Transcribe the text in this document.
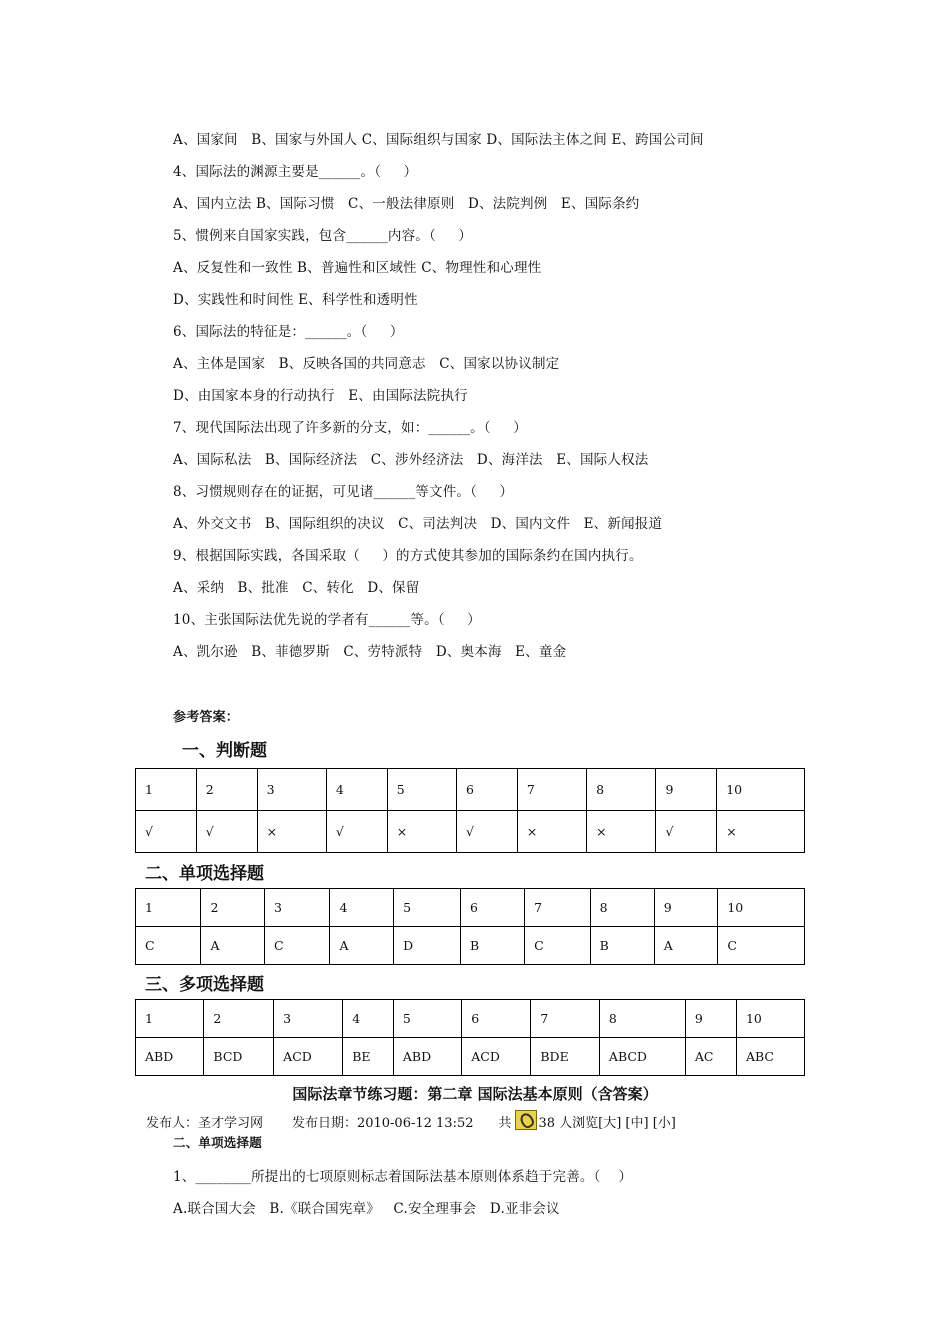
A、国家间   B、国家与外国人 C、国际组织与国家 D、国际法主体之间 E、跨国公司间
4、国际法的渊源主要是______。（     ）
A、国内立法 B、国际习惯   C、一般法律原则   D、法院判例   E、国际条约
5、惯例来自国家实践，包含______内容。（     ）
A、反复性和一致性 B、普遍性和区域性 C、物理性和心理性
D、实践性和时间性 E、科学性和透明性
6、国际法的特征是：______。（     ）
A、主体是国家   B、反映各国的共同意志   C、国家以协议制定
D、由国家本身的行动执行   E、由国际法院执行
7、现代国际法出现了许多新的分支，如：______。（     ）
A、国际私法   B、国际经济法   C、涉外经济法   D、海洋法   E、国际人权法
8、习惯规则存在的证据，可见诸______等文件。（     ）
A、外交文书   B、国际组织的决议   C、司法判决   D、国内文件   E、新闻报道
9、根据国际实践，各国采取（     ）的方式使其参加的国际条约在国内执行。
A、采纳   B、批准   C、转化   D、保留
10、主张国际法优先说的学者有______等。（     ）
A、凯尔逊   B、菲德罗斯   C、劳特派特   D、奥本海   E、童金
参考答案：
一、判断题
1	2	3	4	5	6	7	8	9	10
√	√	×	√	×	√	×	×	√	×
二、单项选择题
1	2	3	4	5	6	7	8	9	10
C	A	C	A	D	B	C	B	A	C
三、多项选择题
1	2	3	4	5	6	7	8	9	10
ABD	BCD	ACD	BE	ABD	ACD	BDE	ABCD	AC	ABC
国际法章节练习题：第二章 国际法基本原则（含答案）
发布人：圣才学习网 发布日期：2010-06-12 13:52 共 38 人浏览[大] [中] [小]
二、单项选择题
1、________所提出的七项原则标志着国际法基本原则体系趋于完善。（    ）
A.联合国大会   B.《联合国宪章》   C.安全理事会   D.亚非会议
